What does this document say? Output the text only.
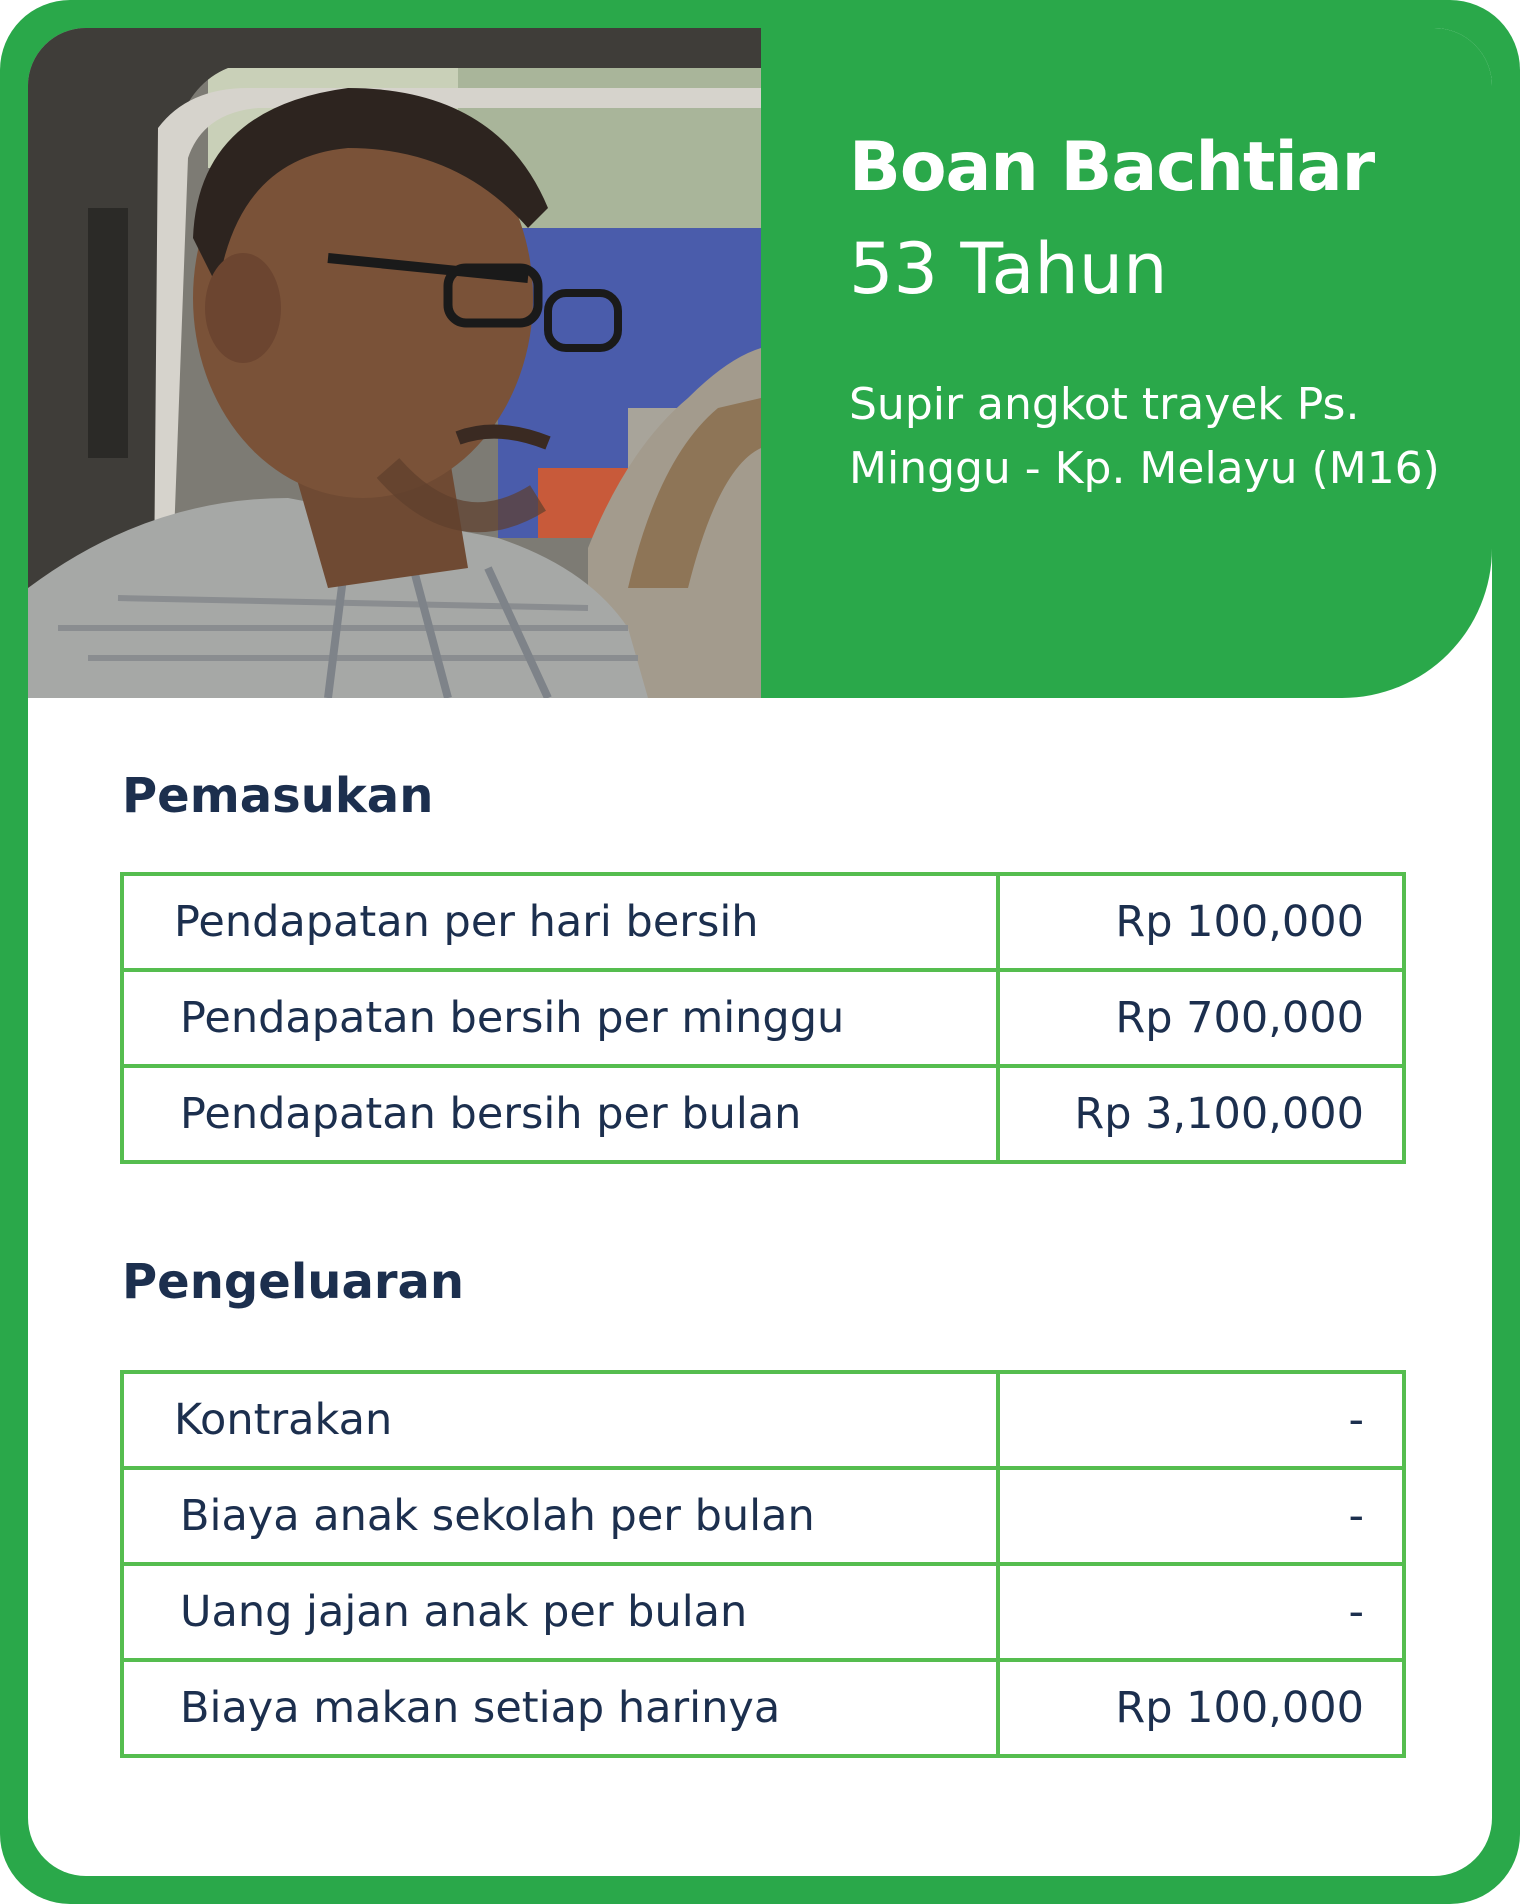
Boan Bachtiar
53 Tahun
Supir angkot trayek Ps. Minggu - Kp. Melayu (M16)
Pemasukan
Pendapatan per hari bersih	Rp 100,000
Pendapatan bersih per minggu	Rp 700,000
Pendapatan bersih per bulan	Rp 3,100,000
Pengeluaran
Kontrakan	-
Biaya anak sekolah per bulan	-
Uang jajan anak per bulan	-
Biaya makan setiap harinya	Rp 100,000
